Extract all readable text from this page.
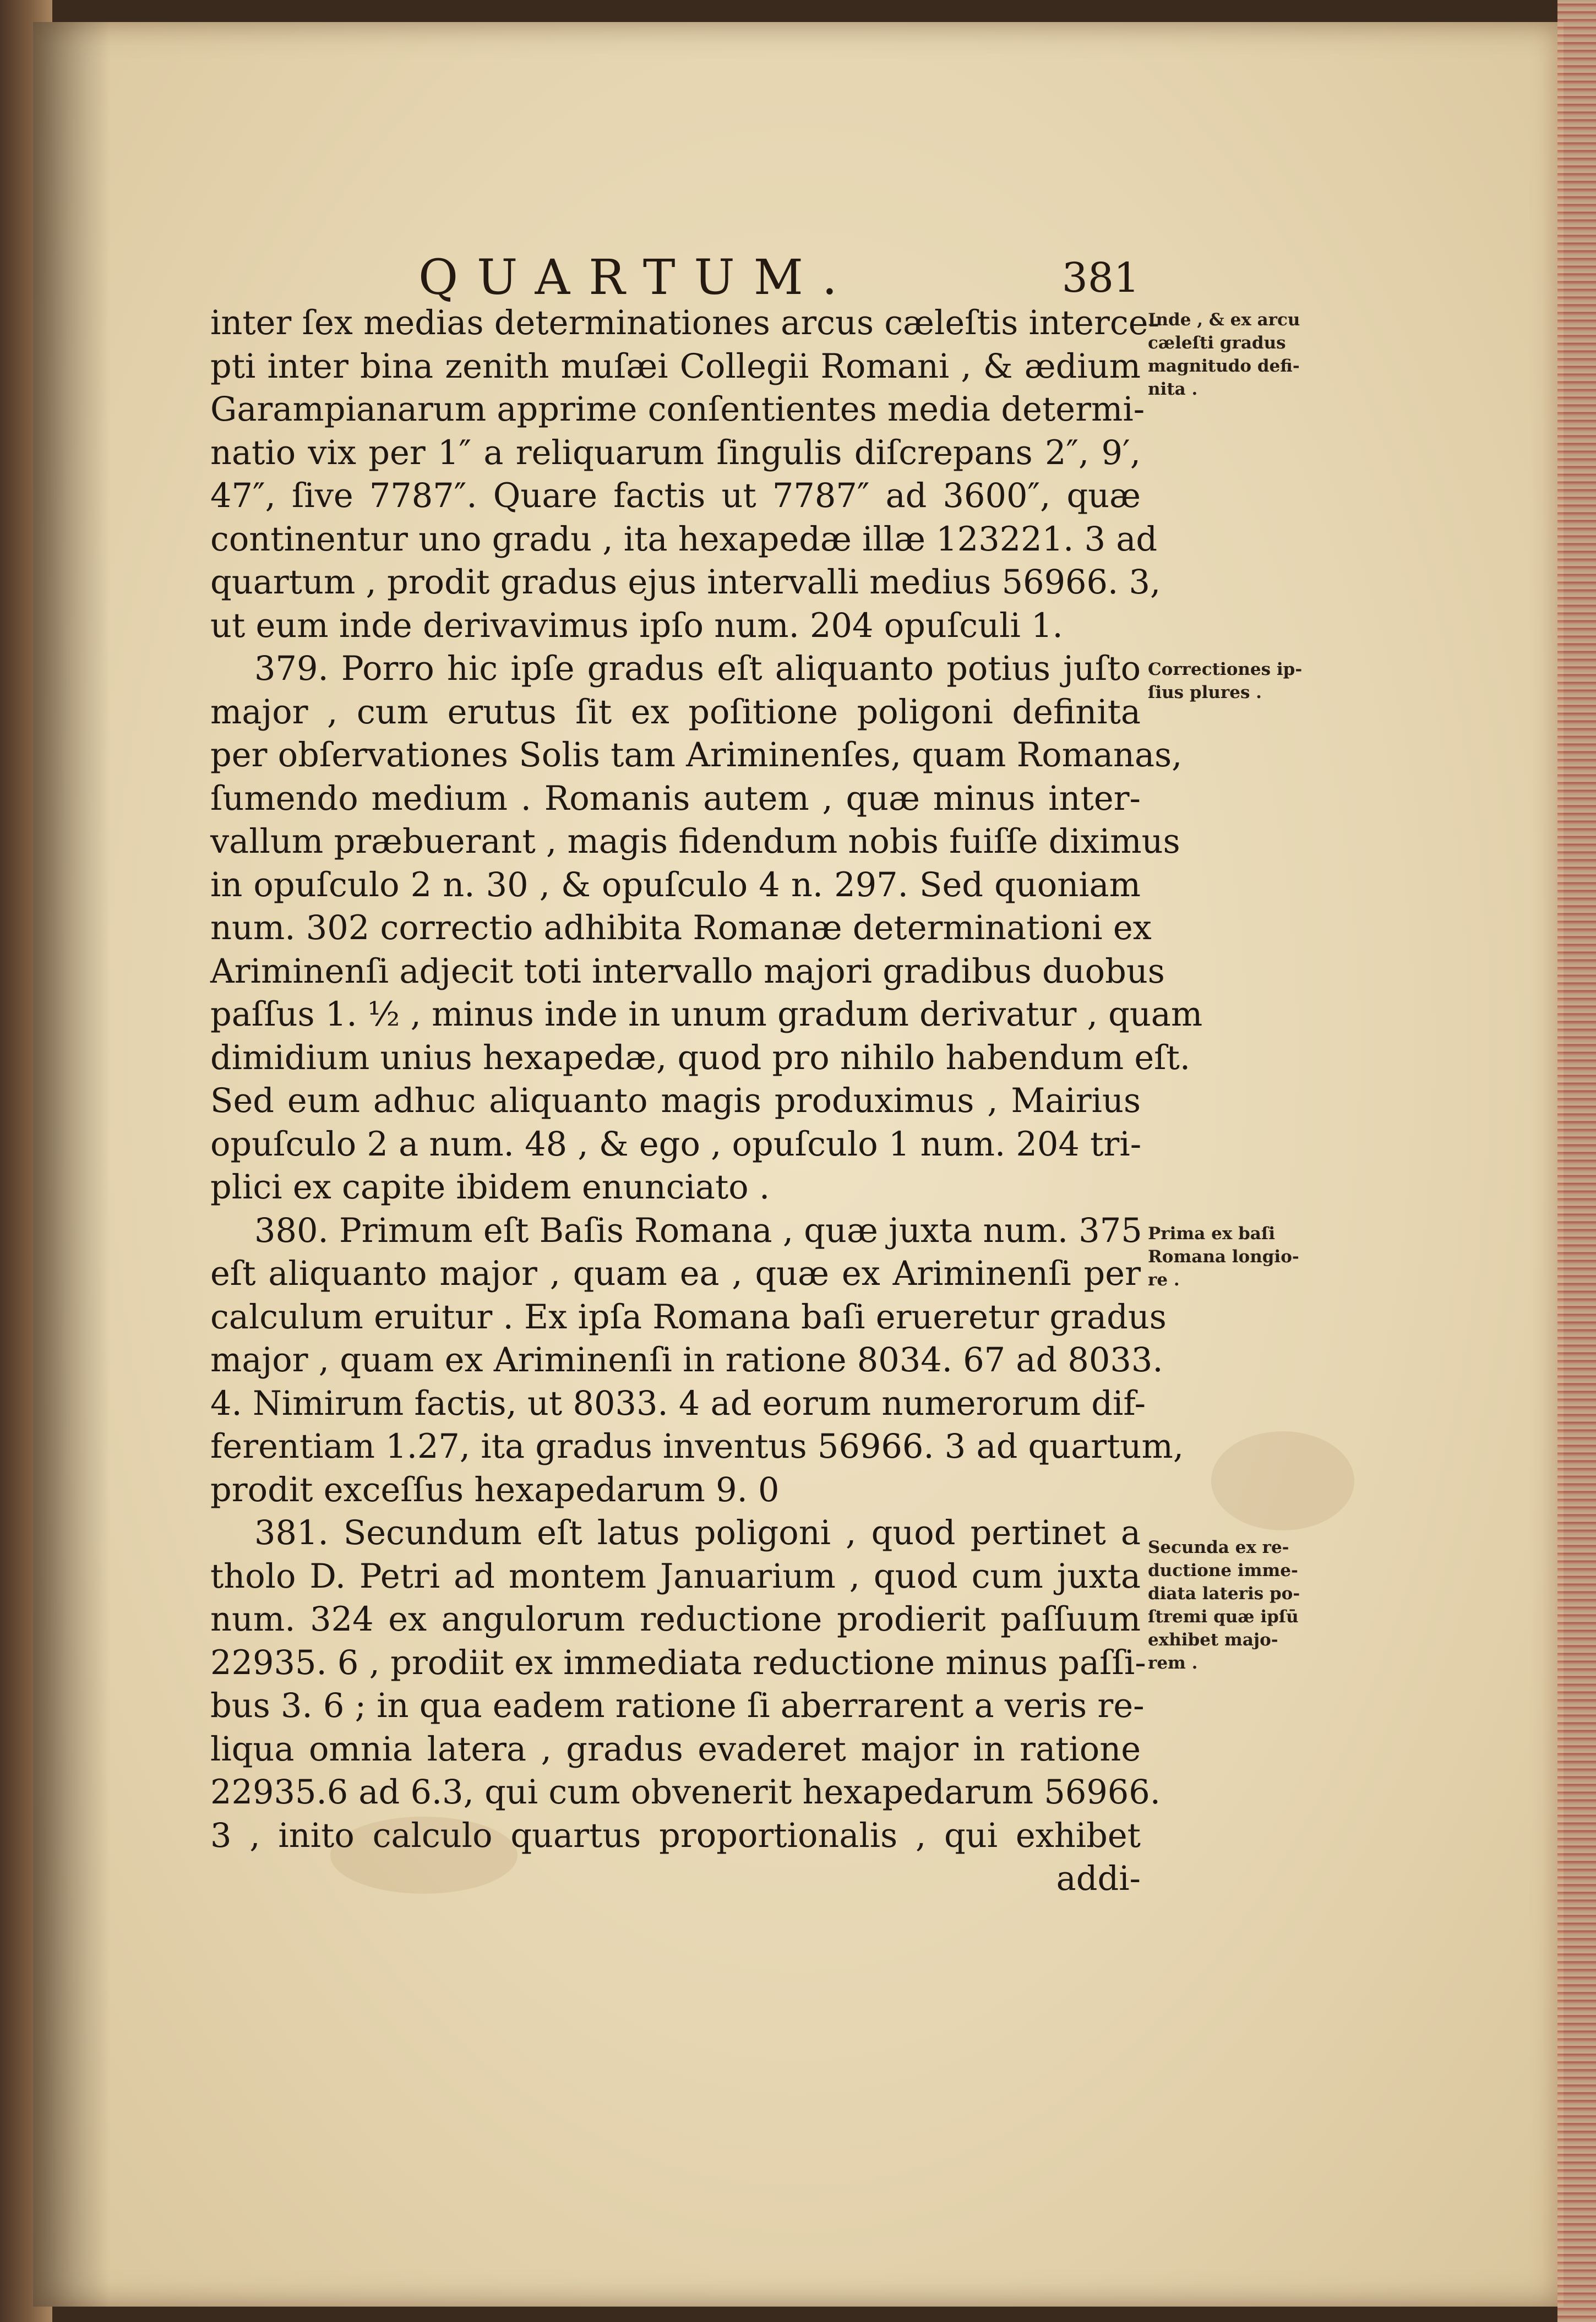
QUARTUM.	381
inter ſex medias determinationes arcus cæleſtis interce-
pti inter bina zenith muſæi Collegii Romani , & ædium
Garampianarum apprime conſentientes media determi-
natio vix per 1″ a reliquarum ſingulis diſcrepans 2″, 9′,
47″, ſive 7787″. Quare factis ut 7787″ ad 3600″, quæ
continentur uno gradu , ita hexapedæ illæ 123221. 3 ad
quartum , prodit gradus ejus intervalli medius 56966. 3,
ut eum inde derivavimus ipſo num. 204 opuſculi 1.
379. Porro hic ipſe gradus eſt aliquanto potius juſto
major , cum erutus ſit ex poſitione poligoni definita
per obſervationes Solis tam Ariminenſes, quam Romanas,
ſumendo medium . Romanis autem , quæ minus inter-
vallum præbuerant , magis fidendum nobis fuiſſe diximus
in opuſculo 2 n. 30 , & opuſculo 4 n. 297. Sed quoniam
num. 302 correctio adhibita Romanæ determinationi ex
Ariminenſi adjecit toti intervallo majori gradibus duobus
paſſus 1. ½ , minus inde in unum gradum derivatur , quam
dimidium unius hexapedæ, quod pro nihilo habendum eſt.
Sed eum adhuc aliquanto magis produximus , Mairius
opuſculo 2 a num. 48 , & ego , opuſculo 1 num. 204 tri-
plici ex capite ibidem enunciato .
380. Primum eſt Baſis Romana , quæ juxta num. 375
eſt aliquanto major , quam ea , quæ ex Ariminenſi per
calculum eruitur . Ex ipſa Romana baſi erueretur gradus
major , quam ex Ariminenſi in ratione 8034. 67 ad 8033.
4. Nimirum factis, ut 8033. 4 ad eorum numerorum dif-
ferentiam 1.27, ita gradus inventus 56966. 3 ad quartum,
prodit exceſſus hexapedarum 9. 0
381. Secundum eſt latus poligoni , quod pertinet a
tholo D. Petri ad montem Januarium , quod cum juxta
num. 324 ex angulorum reductione prodierit paſſuum
22935. 6 , prodiit ex immediata reductione minus paſſi-
bus 3. 6 ; in qua eadem ratione ſi aberrarent a veris re-
liqua omnia latera , gradus evaderet major in ratione
22935.6 ad 6.3, qui cum obvenerit hexapedarum 56966.
3 , inito calculo quartus proportionalis , qui exhibet
addi-
Inde , & ex arcu
cæleſti gradus
magnitudo defi-
nita .
Correctiones ip-
ſius plures .
Prima ex baſi
Romana longio-
re .
Secunda ex re-
ductione imme-
diata lateris po-
ſtremi quæ ipſū
exhibet majo-
rem .
